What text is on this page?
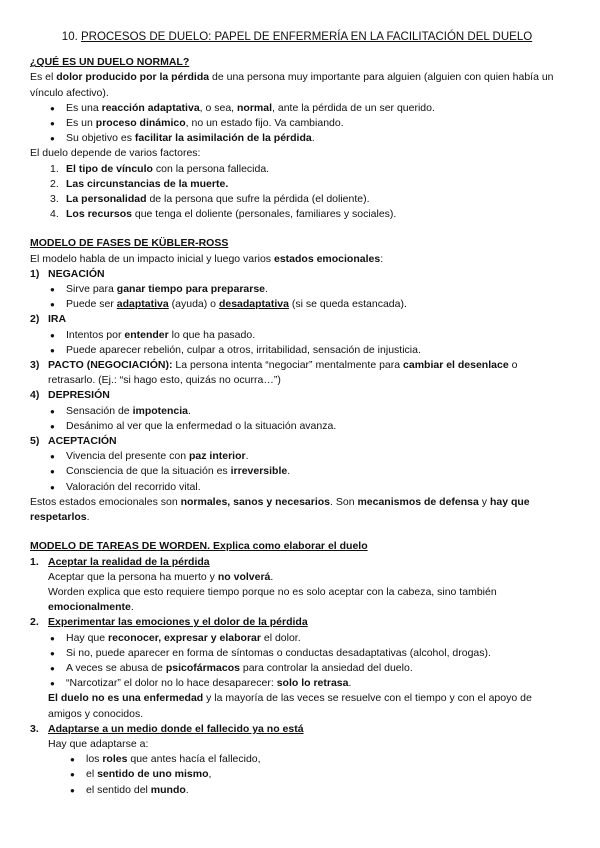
10. PROCESOS DE DUELO: PAPEL DE ENFERMERÍA EN LA FACILITACIÓN DEL DUELO

¿QUÉ ES UN DUELO NORMAL?

Es el dolor producido por la pérdida de una persona muy importante para alguien (alguien con quien había un vínculo afectivo).

● Es una reacción adaptativa, o sea, normal, ante la pérdida de un ser querido.
● Es un proceso dinámico, no un estado fijo. Va cambiando.
● Su objetivo es facilitar la asimilación de la pérdida.

El duelo depende de varios factores:

1. El tipo de vínculo con la persona fallecida.
2. Las circunstancias de la muerte.
3. La personalidad de la persona que sufre la pérdida (el doliente).
4. Los recursos que tenga el doliente (personales, familiares y sociales).

MODELO DE FASES DE KÜBLER-ROSS

El modelo habla de un impacto inicial y luego varios estados emocionales:

1) NEGACIÓN

● Sirve para ganar tiempo para prepararse.
● Puede ser adaptativa (ayuda) o desadaptativa (si se queda estancada).

2) IRA

● Intentos por entender lo que ha pasado.
● Puede aparecer rebelión, culpar a otros, irritabilidad, sensación de injusticia.

3) PACTO (NEGOCIACIÓN): La persona intenta “negociar” mentalmente para cambiar el desenlace o retrasarlo. (Ej.: “si hago esto, quizás no ocurra…”)

4) DEPRESIÓN

● Sensación de impotencia.
● Desánimo al ver que la enfermedad o la situación avanza.

5) ACEPTACIÓN

● Vivencia del presente con paz interior.
● Consciencia de que la situación es irreversible.
● Valoración del recorrido vital.

Estos estados emocionales son normales, sanos y necesarios. Son mecanismos de defensa y hay que respetarlos.

MODELO DE TAREAS DE WORDEN. Explica como elaborar el duelo

1. Aceptar la realidad de la pérdida

Aceptar que la persona ha muerto y no volverá.

Worden explica que esto requiere tiempo porque no es solo aceptar con la cabeza, sino también emocionalmente.

2. Experimentar las emociones y el dolor de la pérdida

● Hay que reconocer, expresar y elaborar el dolor.
● Si no, puede aparecer en forma de síntomas o conductas desadaptativas (alcohol, drogas).
● A veces se abusa de psicofármacos para controlar la ansiedad del duelo.
● “Narcotizar” el dolor no lo hace desaparecer: solo lo retrasa.

El duelo no es una enfermedad y la mayoría de las veces se resuelve con el tiempo y con el apoyo de amigos y conocidos.

3. Adaptarse a un medio donde el fallecido ya no está

Hay que adaptarse a:

● los roles que antes hacía el fallecido,
● el sentido de uno mismo,
● el sentido del mundo.
